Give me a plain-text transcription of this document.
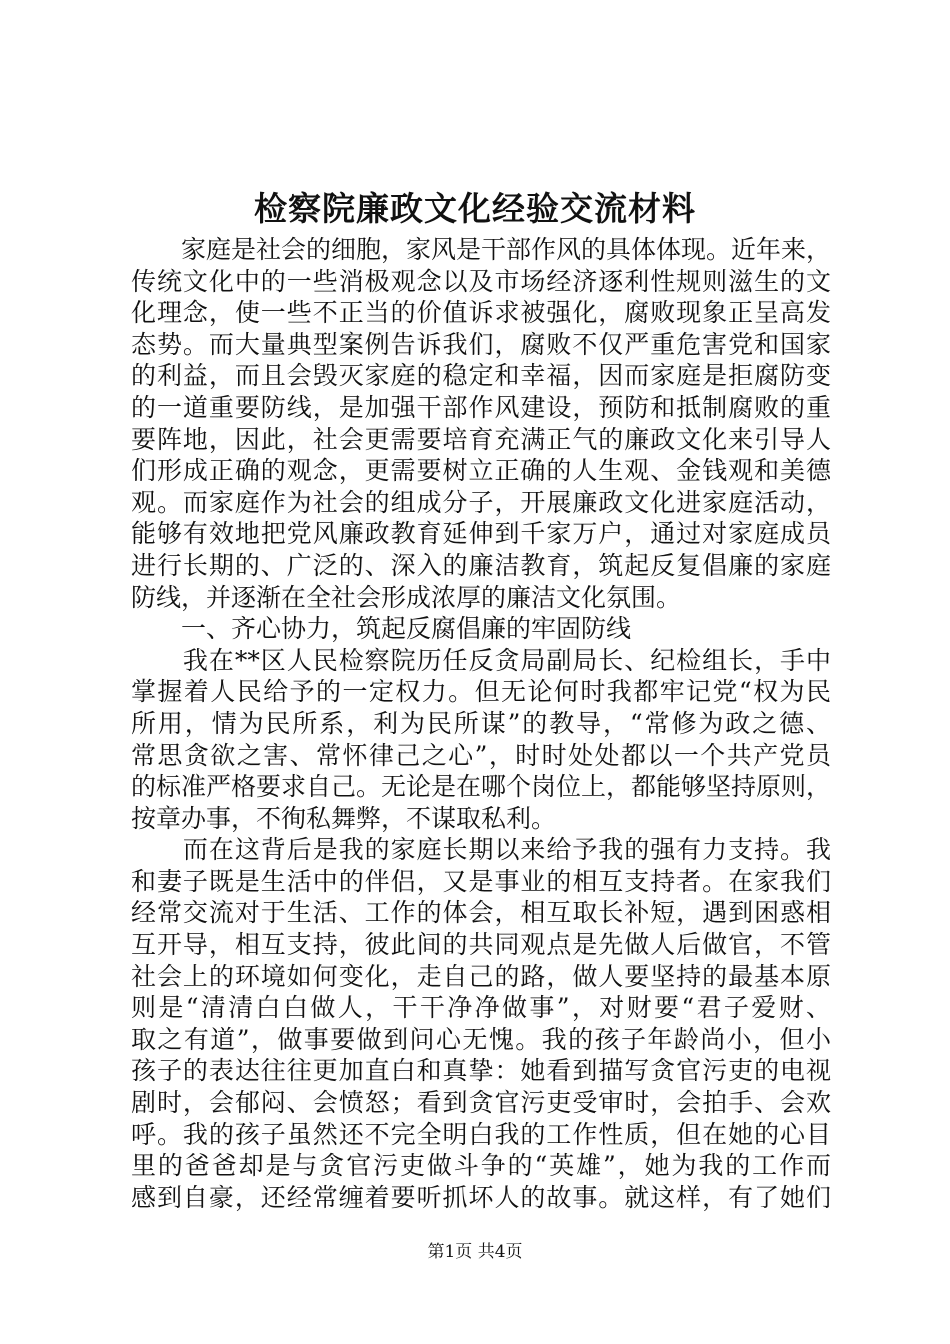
检察院廉政文化经验交流材料
　　家庭是社会的细胞，家风是干部作风的具体体现。近年来，
传统文化中的一些消极观念以及市场经济逐利性规则滋生的文
化理念，使一些不正当的价值诉求被强化，腐败现象正呈高发
态势。而大量典型案例告诉我们，腐败不仅严重危害党和国家
的利益，而且会毁灭家庭的稳定和幸福，因而家庭是拒腐防变
的一道重要防线，是加强干部作风建设，预防和抵制腐败的重
要阵地，因此，社会更需要培育充满正气的廉政文化来引导人
们形成正确的观念，更需要树立正确的人生观、金钱观和美德
观。而家庭作为社会的组成分子，开展廉政文化进家庭活动，
能够有效地把党风廉政教育延伸到千家万户，通过对家庭成员
进行长期的、广泛的、深入的廉洁教育，筑起反复倡廉的家庭
防线，并逐渐在全社会形成浓厚的廉洁文化氛围。
　　一、齐心协力，筑起反腐倡廉的牢固防线
　　我在**区人民检察院历任反贪局副局长、纪检组长，手中
掌握着人民给予的一定权力。但无论何时我都牢记党“权为民
所用，情为民所系，利为民所谋”的教导，“常修为政之德、
常思贪欲之害、常怀律己之心”，时时处处都以一个共产党员
的标准严格要求自己。无论是在哪个岗位上，都能够坚持原则，
按章办事，不徇私舞弊，不谋取私利。
　　而在这背后是我的家庭长期以来给予我的强有力支持。我
和妻子既是生活中的伴侣，又是事业的相互支持者。在家我们
经常交流对于生活、工作的体会，相互取长补短，遇到困惑相
互开导，相互支持，彼此间的共同观点是先做人后做官，不管
社会上的环境如何变化，走自己的路，做人要坚持的最基本原
则是“清清白白做人，干干净净做事”，对财要“君子爱财、
取之有道”，做事要做到问心无愧。我的孩子年龄尚小，但小
孩子的表达往往更加直白和真挚：她看到描写贪官污吏的电视
剧时，会郁闷、会愤怒；看到贪官污吏受审时，会拍手、会欢
呼。我的孩子虽然还不完全明白我的工作性质，但在她的心目
里的爸爸却是与贪官污吏做斗争的“英雄”，她为我的工作而
感到自豪，还经常缠着要听抓坏人的故事。就这样，有了她们
第1页 共4页
